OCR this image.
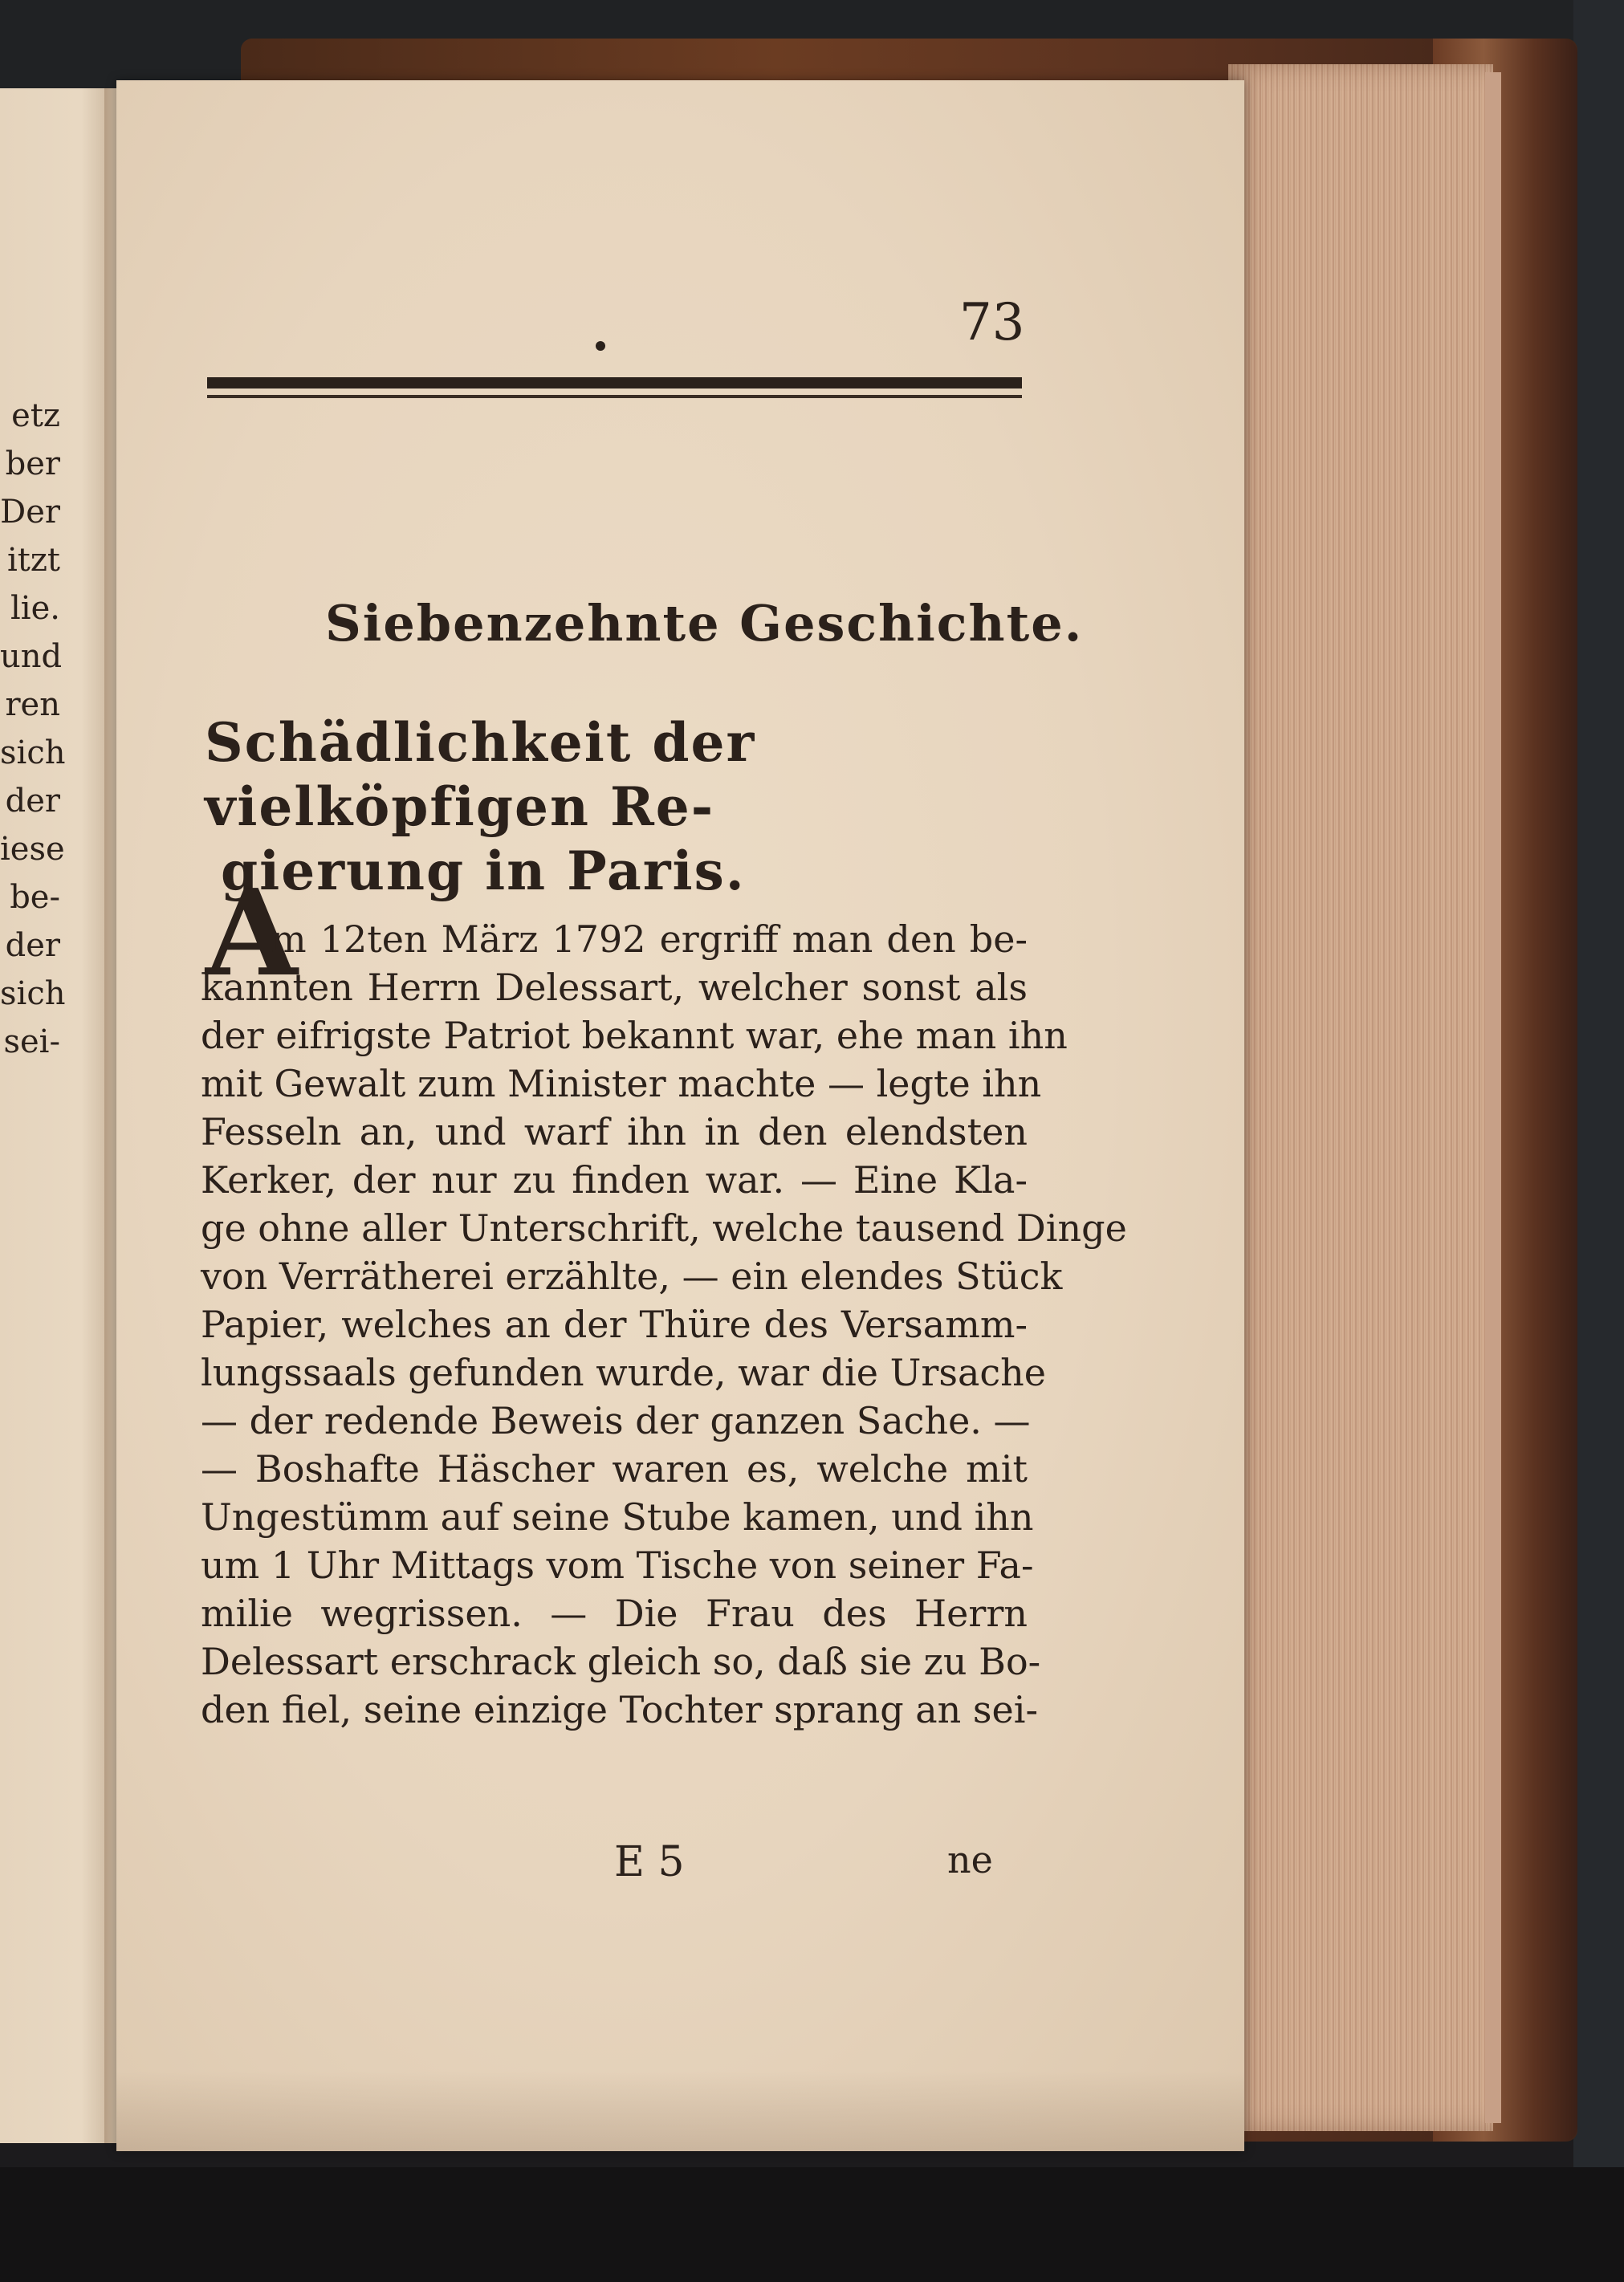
etz
ber
Der
itzt
lie.
und
ren
sich
der
iese
be-
der
sich
sei-
73
Siebenzehnte Geschichte.
Schädlichkeit der vielköpfigen Re-
gierung in Paris.
A
m 12ten März 1792 ergriff man den be-
kannten Herrn Delessart, welcher sonst als
der eifrigste Patriot bekannt war, ehe man ihn
mit Gewalt zum Minister machte — legte ihn
Fesseln an, und warf ihn in den elendsten
Kerker, der nur zu finden war. — Eine Kla-
ge ohne aller Unterschrift, welche tausend Dinge
von Verrätherei erzählte, — ein elendes Stück
Papier, welches an der Thüre des Versamm-
lungssaals gefunden wurde, war die Ursache
— der redende Beweis der ganzen Sache. —
— Boshafte Häscher waren es, welche mit
Ungestümm auf seine Stube kamen, und ihn
um 1 Uhr Mittags vom Tische von seiner Fa-
milie wegrissen. — Die Frau des Herrn
Delessart erschrack gleich so, daß sie zu Bo-
den fiel, seine einzige Tochter sprang an sei-
E 5	ne
